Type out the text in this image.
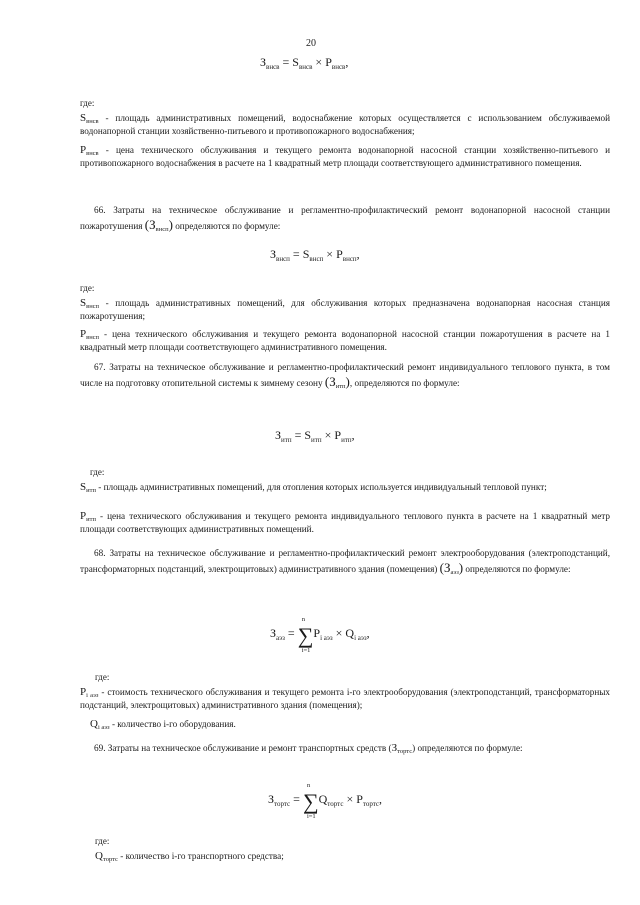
20
$З_{внсв} = S_{внсв} \times P_{внсв}$,
где:
$S_{внсв}$ - площадь административных помещений, водоснабжение которых осуществляется с использованием обслуживаемой водонапорной станции хозяйственно-питьевого и противопожарного водоснабжения;
$P_{внсв}$ - цена технического обслуживания и текущего ремонта водонапорной насосной станции хозяйственно-питьевого и противопожарного водоснабжения в расчете на 1 квадратный метр площади соответствующего административного помещения.
66. Затраты на техническое обслуживание и регламентно-профилактический ремонт водонапорной насосной станции пожаротушения $(З_{внсп})$ определяются по формуле:
$З_{внсп} = S_{внсп} \times P_{внсп}$,
где:
$S_{внсп}$ - площадь административных помещений, для обслуживания которых предназначена водонапорная насосная станция пожаротушения;
$P_{внсп}$ - цена технического обслуживания и текущего ремонта водонапорной насосной станции пожаротушения в расчете на 1 квадратный метр площади соответствующего административного помещения.
67. Затраты на техническое обслуживание и регламентно-профилактический ремонт индивидуального теплового пункта, в том числе на подготовку отопительной системы к зимнему сезону $(З_{итп})$, определяются по формуле:
$З_{итп} = S_{итп} \times P_{итп}$,
где:
$S_{итп}$ - площадь административных помещений, для отопления которых используется индивидуальный тепловой пункт;
$P_{итп}$ - цена технического обслуживания и текущего ремонта индивидуального теплового пункта в расчете на 1 квадратный метр площади соответствующих административных помещений.
68. Затраты на техническое обслуживание и регламентно-профилактический ремонт электрооборудования (электроподстанций, трансформаторных подстанций, электрощитовых) административного здания (помещения) $(З_{аэз})$ определяются по формуле:
$З_{аэз}$ = ∑
n
i=1
$P_{i аэз} \times Q_{i аэз}$,
где:
$P_{i аэз}$ - стоимость технического обслуживания и текущего ремонта i-го электрооборудования (электроподстанций, трансформаторных подстанций, электрощитовых) административного здания (помещения);
$Q_{i аэз}$ - количество i-го оборудования.
69. Затраты на техническое обслуживание и ремонт транспортных средств $(З_{тортс})$ определяются по формуле:
$З_{тортс}$ = ∑
n
i=1
$Q_{тортс} \times P_{тортс}$,
где:
$Q_{тортс}$ - количество i-го транспортного средства;
